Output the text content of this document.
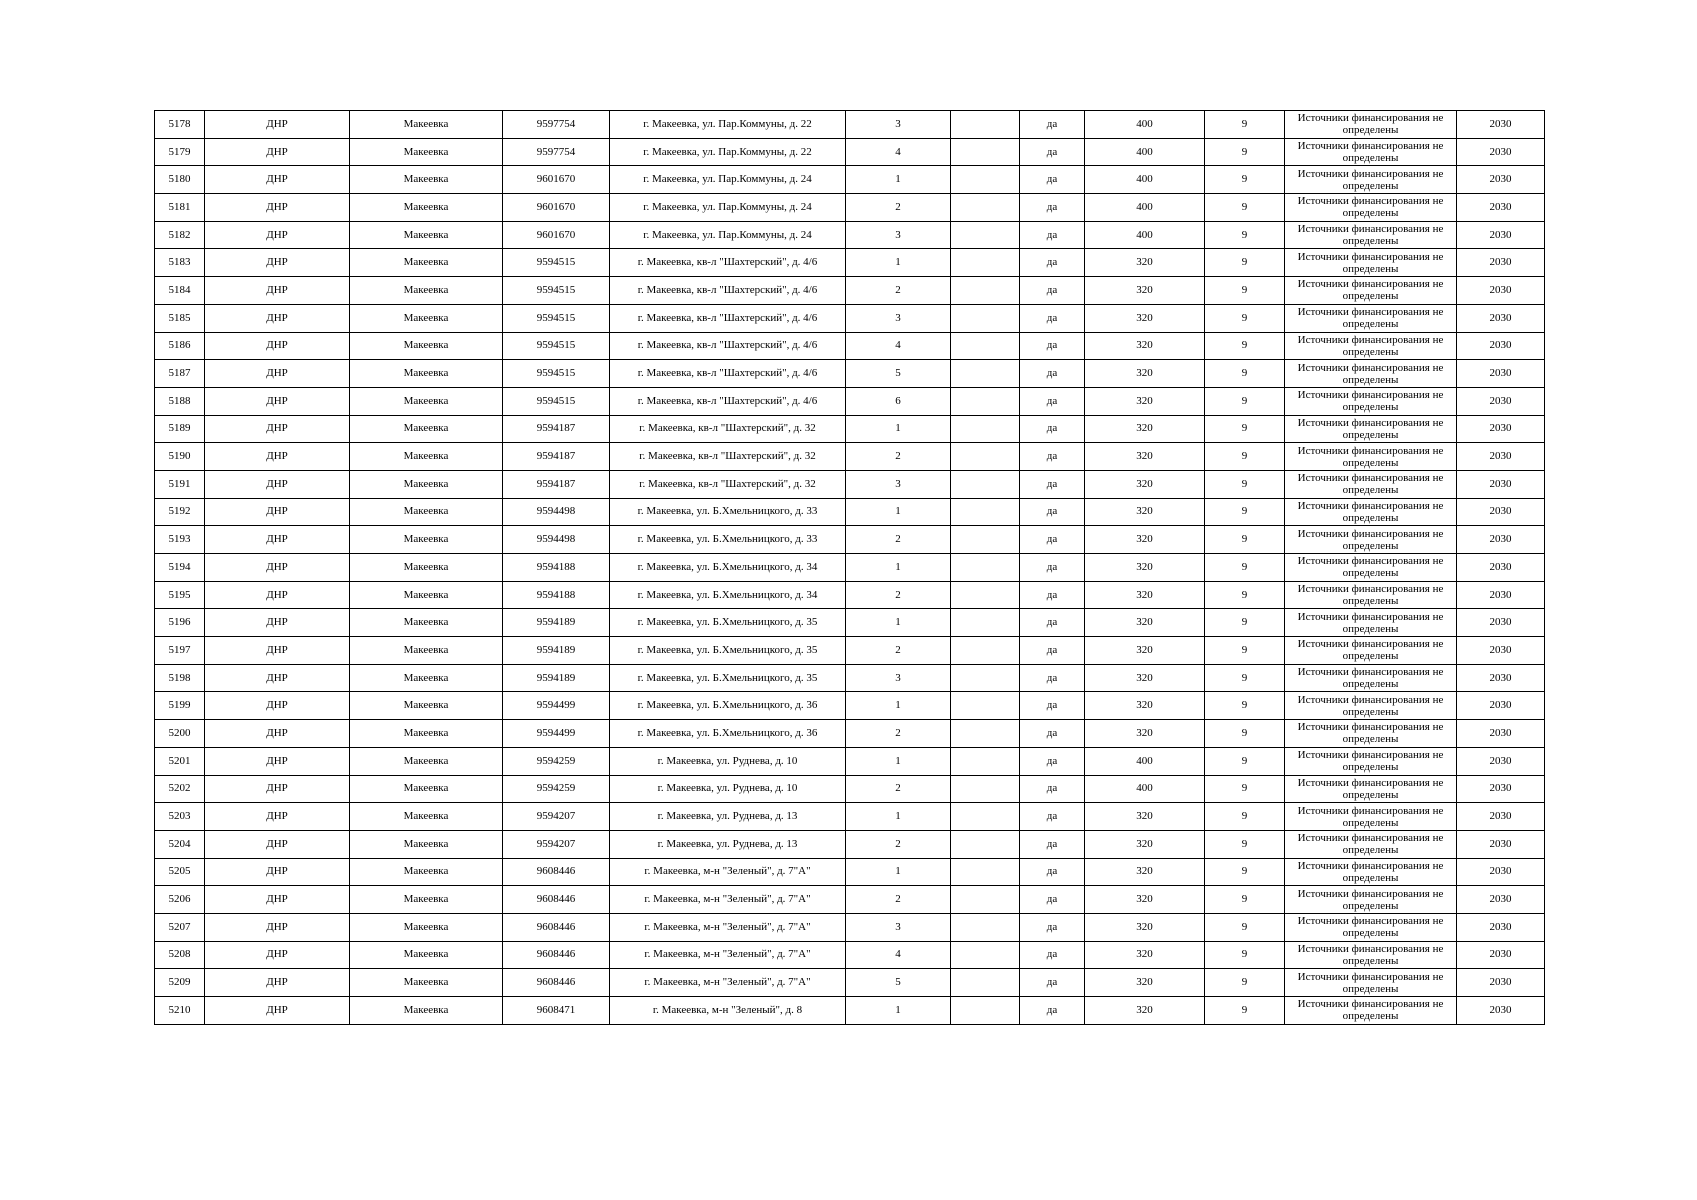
5178	ДНР	Макеевка	9597754	г. Макеевка, ул. Пар.Коммуны, д. 22	3		да	400	9	Источники финансирования не определены	2030
5179	ДНР	Макеевка	9597754	г. Макеевка, ул. Пар.Коммуны, д. 22	4		да	400	9	Источники финансирования не определены	2030
5180	ДНР	Макеевка	9601670	г. Макеевка, ул. Пар.Коммуны, д. 24	1		да	400	9	Источники финансирования не определены	2030
5181	ДНР	Макеевка	9601670	г. Макеевка, ул. Пар.Коммуны, д. 24	2		да	400	9	Источники финансирования не определены	2030
5182	ДНР	Макеевка	9601670	г. Макеевка, ул. Пар.Коммуны, д. 24	3		да	400	9	Источники финансирования не определены	2030
5183	ДНР	Макеевка	9594515	г. Макеевка, кв-л "Шахтерский", д. 4/6	1		да	320	9	Источники финансирования не определены	2030
5184	ДНР	Макеевка	9594515	г. Макеевка, кв-л "Шахтерский", д. 4/6	2		да	320	9	Источники финансирования не определены	2030
5185	ДНР	Макеевка	9594515	г. Макеевка, кв-л "Шахтерский", д. 4/6	3		да	320	9	Источники финансирования не определены	2030
5186	ДНР	Макеевка	9594515	г. Макеевка, кв-л "Шахтерский", д. 4/6	4		да	320	9	Источники финансирования не определены	2030
5187	ДНР	Макеевка	9594515	г. Макеевка, кв-л "Шахтерский", д. 4/6	5		да	320	9	Источники финансирования не определены	2030
5188	ДНР	Макеевка	9594515	г. Макеевка, кв-л "Шахтерский", д. 4/6	6		да	320	9	Источники финансирования не определены	2030
5189	ДНР	Макеевка	9594187	г. Макеевка, кв-л "Шахтерский", д. 32	1		да	320	9	Источники финансирования не определены	2030
5190	ДНР	Макеевка	9594187	г. Макеевка, кв-л "Шахтерский", д. 32	2		да	320	9	Источники финансирования не определены	2030
5191	ДНР	Макеевка	9594187	г. Макеевка, кв-л "Шахтерский", д. 32	3		да	320	9	Источники финансирования не определены	2030
5192	ДНР	Макеевка	9594498	г. Макеевка, ул. Б.Хмельницкого, д. 33	1		да	320	9	Источники финансирования не определены	2030
5193	ДНР	Макеевка	9594498	г. Макеевка, ул. Б.Хмельницкого, д. 33	2		да	320	9	Источники финансирования не определены	2030
5194	ДНР	Макеевка	9594188	г. Макеевка, ул. Б.Хмельницкого, д. 34	1		да	320	9	Источники финансирования не определены	2030
5195	ДНР	Макеевка	9594188	г. Макеевка, ул. Б.Хмельницкого, д. 34	2		да	320	9	Источники финансирования не определены	2030
5196	ДНР	Макеевка	9594189	г. Макеевка, ул. Б.Хмельницкого, д. 35	1		да	320	9	Источники финансирования не определены	2030
5197	ДНР	Макеевка	9594189	г. Макеевка, ул. Б.Хмельницкого, д. 35	2		да	320	9	Источники финансирования не определены	2030
5198	ДНР	Макеевка	9594189	г. Макеевка, ул. Б.Хмельницкого, д. 35	3		да	320	9	Источники финансирования не определены	2030
5199	ДНР	Макеевка	9594499	г. Макеевка, ул. Б.Хмельницкого, д. 36	1		да	320	9	Источники финансирования не определены	2030
5200	ДНР	Макеевка	9594499	г. Макеевка, ул. Б.Хмельницкого, д. 36	2		да	320	9	Источники финансирования не определены	2030
5201	ДНР	Макеевка	9594259	г. Макеевка, ул. Руднева, д. 10	1		да	400	9	Источники финансирования не определены	2030
5202	ДНР	Макеевка	9594259	г. Макеевка, ул. Руднева, д. 10	2		да	400	9	Источники финансирования не определены	2030
5203	ДНР	Макеевка	9594207	г. Макеевка, ул. Руднева, д. 13	1		да	320	9	Источники финансирования не определены	2030
5204	ДНР	Макеевка	9594207	г. Макеевка, ул. Руднева, д. 13	2		да	320	9	Источники финансирования не определены	2030
5205	ДНР	Макеевка	9608446	г. Макеевка, м-н "Зеленый", д. 7"А"	1		да	320	9	Источники финансирования не определены	2030
5206	ДНР	Макеевка	9608446	г. Макеевка, м-н "Зеленый", д. 7"А"	2		да	320	9	Источники финансирования не определены	2030
5207	ДНР	Макеевка	9608446	г. Макеевка, м-н "Зеленый", д. 7"А"	3		да	320	9	Источники финансирования не определены	2030
5208	ДНР	Макеевка	9608446	г. Макеевка, м-н "Зеленый", д. 7"А"	4		да	320	9	Источники финансирования не определены	2030
5209	ДНР	Макеевка	9608446	г. Макеевка, м-н "Зеленый", д. 7"А"	5		да	320	9	Источники финансирования не определены	2030
5210	ДНР	Макеевка	9608471	г. Макеевка, м-н "Зеленый", д. 8	1		да	320	9	Источники финансирования не определены	2030
